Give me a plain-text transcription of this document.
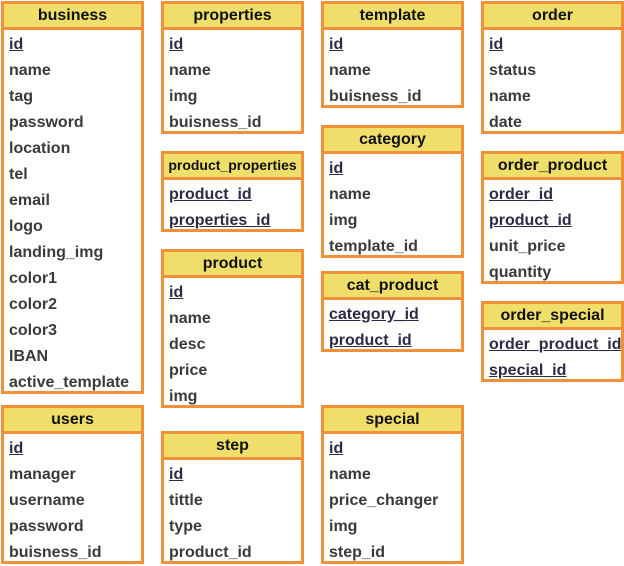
business
id
name
tag
password
location
tel
email
logo
landing_img
color1
color2
color3
IBAN
active_template
users
id
manager
username
password
buisness_id
properties
id
name
img
buisness_id
product_properties
product_id
properties_id
product
id
name
desc
price
img
step
id
tittle
type
product_id
template
id
name
buisness_id
category
id
name
img
template_id
cat_product
category_id
product_id
special
id
name
price_changer
img
step_id
order
id
status
name
date
order_product
order_id
product_id
unit_price
quantity
order_special
order_product_id
special_id
